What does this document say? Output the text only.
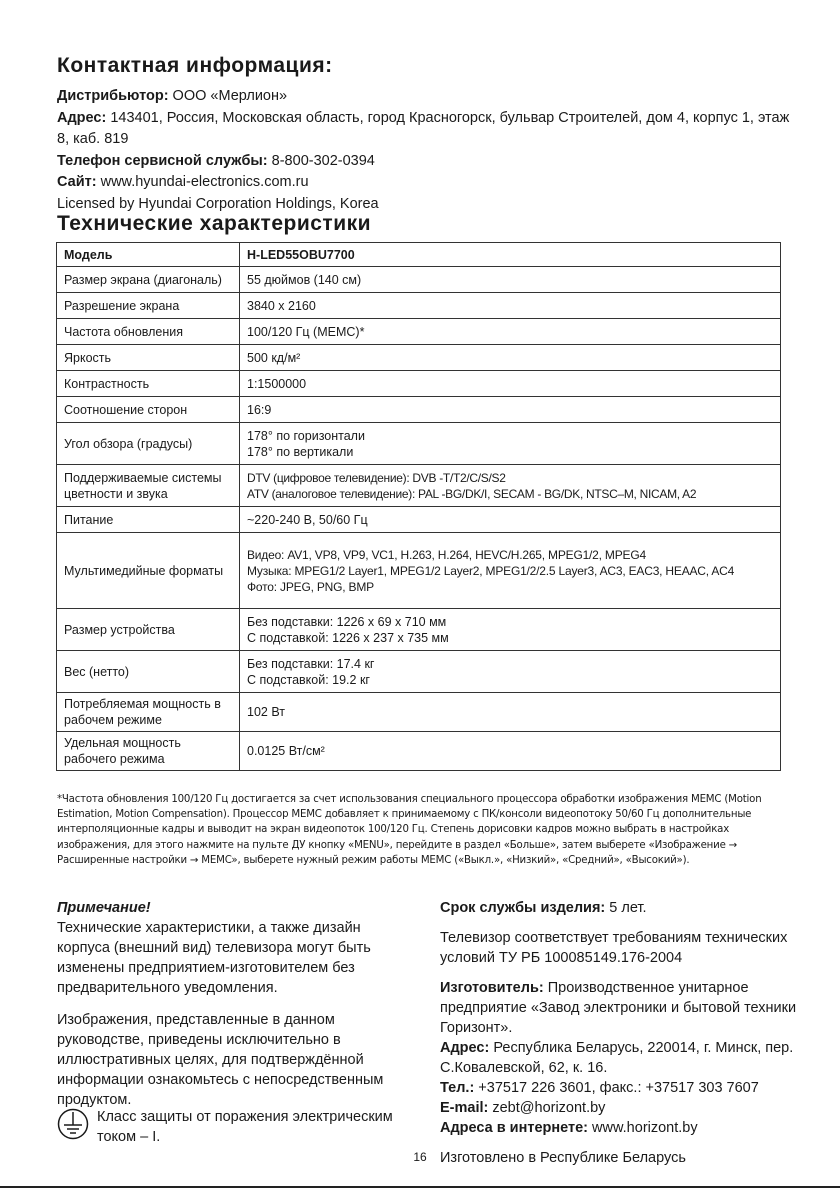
Контактная информация:
Дистрибьютор: ООО «Мерлион»
Адрес: 143401, Россия, Московская область, город Красногорск, бульвар Строителей, дом 4, корпус 1, этаж 8, каб. 819
Телефон сервисной службы: 8-800-302-0394
Сайт: www.hyundai-electronics.com.ru
Licensed by Hyundai Corporation Holdings, Korea
Технические характеристики
Модель	H-LED55OBU7700
Размер экрана (диагональ)	55 дюймов (140 см)
Разрешение экрана	3840 x 2160
Частота обновления	100/120 Гц (MEMC)*
Яркость	500 кд/м²
Контрастность	1:1500000
Соотношение сторон	16:9
Угол обзора (градусы)	178° по горизонтали
178° по вертикали

Поддерживаемые системы цветности и звука	DTV (цифровое телевидение): DVB -T/T2/C/S/S2
ATV (аналоговое телевидение): PAL -BG/DK/I, SECAM - BG/DK, NTSC–M, NICAM, A2

Питание	~220-240 В, 50/60 Гц
Мультимедийные форматы	Видео: AV1, VP8, VP9, VC1, H.263, H.264, HEVC/H.265, MPEG1/2, MPEG4
Музыка: MPEG1/2 Layer1, MPEG1/2 Layer2, MPEG1/2/2.5 Layer3, AC3, EAC3, HEAAC, AC4
Фото: JPEG, PNG, BMP

Размер устройства	Без подставки: 1226 x 69 x 710 мм
С подставкой: 1226 x 237 x 735 мм

Вес (нетто)	Без подставки: 17.4 кг
С подставкой: 19.2 кг

Потребляемая мощность в рабочем режиме	102 Вт
Удельная мощность рабочего режима	0.0125 Вт/см²
*Частота обновления 100/120 Гц достигается за счет использования специального процессора обработки изображения MEMC (Motion Estimation, Motion Compensation). Процессор MEMC добавляет к принимаемому с ПК/консоли видеопотоку 50/60 Гц дополнительные интерполяционные кадры и выводит на экран видеопоток 100/120 Гц. Степень дорисовки кадров можно выбрать в настройках изображения, для этого нажмите на пульте ДУ кнопку «MENU», перейдите в раздел «Больше», затем выберете «Изображение → Расширенные настройки → MEMC», выберете нужный режим работы MEMC («Выкл.», «Низкий», «Средний», «Высокий»).
Примечание!

Технические характеристики, а также дизайн корпуса (внешний вид) телевизора могут быть изменены предприятием-изготовителем без предварительного уведомления.

Изображения, представленные в данном руководстве, приведены исключительно в иллюстративных целях, для подтверждённой информации ознакомьтесь с непосредственным продуктом.

Класс защиты от поражения электрическим током – I.

Срок службы изделия: 5 лет.

Телевизор соответствует требованиям технических условий ТУ РБ 100085149.176-2004

Изготовитель: Производственное унитарное предприятие «Завод электроники и бытовой техники Горизонт».
Адрес: Республика Беларусь, 220014, г. Минск, пер. С.Ковалевской, 62, к. 16.
Тел.: +37517 226 3601, факс.: +37517 303 7607
E-mail: zebt@horizont.by

Адреса в интернете: www.horizont.by

Изготовлено в Республике Беларусь
16
